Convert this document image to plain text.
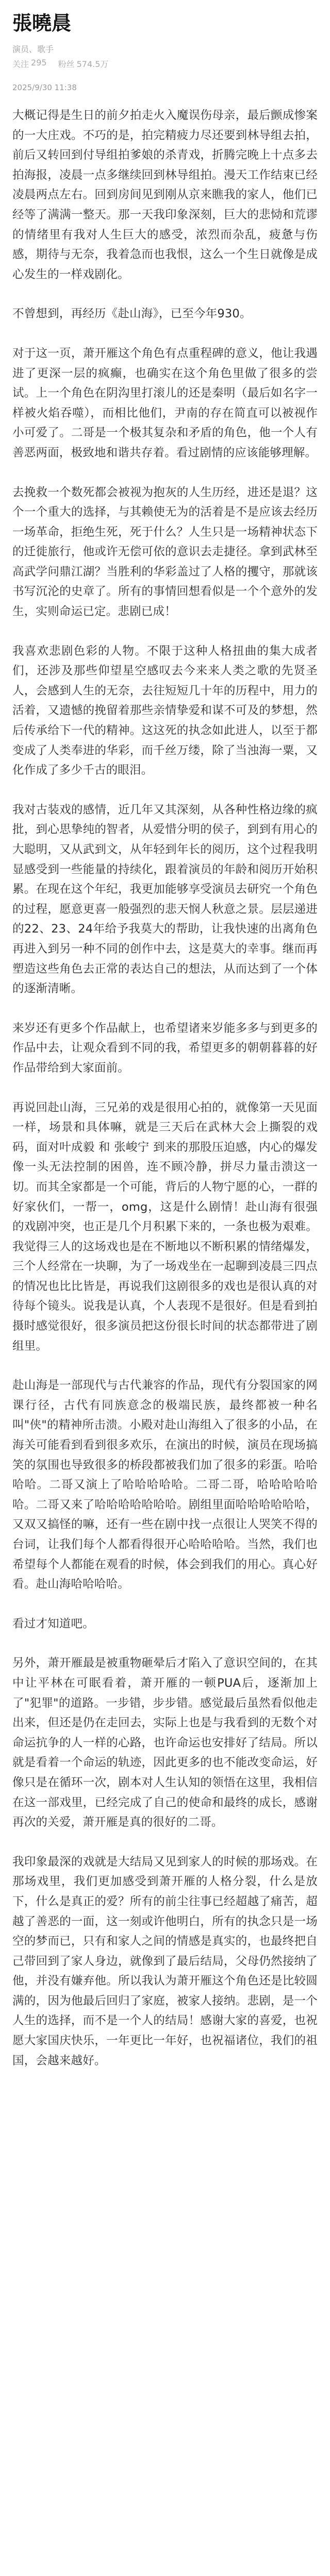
張曉晨
演员、歌手
关注 295 粉丝 574.5万
2025/9/30 11:38

大概记得是生日的前夕拍走火入魔误伤母亲，最后颤成惨案的一大庄戏。不巧的是，拍完精疲力尽还要到林导组去拍，前后又转回到付导组拍爹娘的杀青戏，折腾完晚上十点多去拍海报，凌晨一点多继续回到林导组拍。漫天工作结束已经凌晨两点左右。回到房间见到刚从京来瞧我的家人，他们已经等了满满一整天。那一天我印象深刻，巨大的悲恸和荒谬的情绪里有我对人生巨大的感受，浓烈而杂乱，疲惫与伤感，期待与无奈，我着急而也我恨，这么一个生日就像是成心发生的一样戏剧化。

不曾想到，再经历《赴山海》，已至今年930。

对于这一页，萧开雁这个角色有点重程碑的意义，他让我遇进了更深一层的疯癫，也确实在这个角色里做了很多的尝试。上一个角色在阴沟里打滚儿的还是秦明（最后如名字一样被火焰吞噬），而相比他们，尹南的存在简直可以被视作小可爱了。二哥是一个极其复杂和矛盾的角色，他一个人有善恶两面，极致地和谐共存着。看过剧情的应该能够理解。

去挽救一个数死都会被视为抱灰的人生历经，进还是退？这个一个重大的选择，与其赖使无为的活着是不是应该去经历一场革命，拒绝生死，死于什么？人生只是一场精神状态下的迁徙旅行，他或许无偿可依的意识去走捷径。拿到武林至高武学问鼎江湖？当胜利的华彩盖过了人格的攫守，那就该书写沉沦的史章了。所有的事情回想看似是一个个意外的发生，实则命运已定。悲剧已成！

我喜欢悲剧色彩的人物。不限于这种人格扭曲的集大成者们，还涉及那些仰望星空感叹去今来来人类之歌的先贤圣人，会感到人生的无奈，去往短短几十年的历程中，用力的活着，又遗憾的挽留着那些亲情挚爱和谋不可及的梦想，然后传承给下一代的精神。这这死的执念如此进人，以至于都变成了人类奉进的华彩，而千丝万缕，除了当浊海一粟，又化作成了多少千古的眼泪。

我对古装戏的感情，近几年又其深刻，从各种性格边缘的疯批，到心思挚纯的智者，从爱惜分明的侯子，到到有用心的大聪明，又从武到文，从年轻到年长的阅历，这个过程我明显感受到一些能量的持续化，跟着演员的年龄和阅历开始积累。在现在这个年纪，我更加能够享受演员去研究一个角色的过程，愿意更喜一般强烈的悲天悯人秋意之景。层层递进的22、23、24年给予我莫大的帮助，让我快速的出离角色再进入到另一种不同的创作中去，这是莫大的幸事。继而再塑造这些角色去正常的表达自己的想法，从而达到了一个体的逐渐清晰。

来岁还有更多个作品献上，也希望诸来岁能多多与到更多的作品中去，让观众看到不同的我，希望更多的朝朝暮暮的好作品带给到大家面前。

再说回赴山海，三兄弟的戏是很用心拍的，就像第一天见面一样，场景和具体嘛，就是三天后在武林大会上撕裂的戏码，面对叶成毅 和 张峻宁 到来的那股压迫感，内心的爆发像一头无法控制的困兽，连不顾冷静，拼尽力量击溃这一切。而其全家都是一个可能，背后的人物宁愿的心，一群的好家伙们，一帮一，omg，这是什么剧情！赴山海有很强的戏剧冲突，也正是几个月积累下来的，一条也极为艰难。我觉得三人的这场戏也是在不断地以不断积累的情绪爆发，三个人经常在一块聊，为了一场戏坐在一起聊到凌晨三四点的情况也比比皆是，再说我们这剧很多的戏也是很认真的对待每个镜头。说我是认真，个人表现不是很好。但是看到拍摄时感觉很好，很多演员把这份很长时间的状态都带进了剧组里。

赴山海是一部现代与古代兼容的作品，现代有分裂国家的网课行径，古代有同族意念的极端民族，最终都被一种名叫"侠"的精神所击溃。小殿对赴山海组入了很多的小品，在海关可能看到看到很多欢乐，在演出的时候，演员在现场搞笑的氛围也导致很多的桥段都被我们加了很多的彩蛋。哈哈哈哈。二哥又演上了哈哈哈哈哈。二哥二哥，哈哈哈哈哈哈。二哥又来了哈哈哈哈哈哈哈。剧组里面哈哈哈哈哈哈，又双又搞怪的嘛，还有一些在剧中找一点很让人哭笑不得的台词，让我们每个人都看得很开心哈哈哈哈。当然，我们也希望每个人都能在观看的时候，体会到我们的用心。真心好看。赴山海哈哈哈哈。

看过才知道吧。

另外，萧开雁最是被重物砸晕后才陷入了意识空间的，在其中让平林在可眠看着，萧开雁的一顿PUA后，逐渐加上了"犯罪"的道路。一步错，步步错。感觉最后虽然看似他走出来，但还是仍在走回去，实际上也是与我看到的无数个对命运抗争的人一样的心路，也许命运也安排好了结局。所以就是看着一个命运的轨迹，因此更多的也不能改变命运，好像只是在循环一次，剧本对人生认知的领悟在这里，我相信在这一部戏里，已经完成了自己的使命和最终的成长，感谢再次的关爱，萧开雁是真的很好的二哥。

我印象最深的戏就是大结局又见到家人的时候的那场戏。在那场戏里，我们更加感受到萧开雁的人格分裂，什么是放下，什么是真正的爱？所有的前尘往事已经超越了痛苦，超越了善恶的一面，这一刻或许他明白，所有的执念只是一场空的梦而已，只有和家人之间的情感是真实的，也最终把自己带回到了家人身边，就像到了最后结局，父母仍然接纳了他，并没有嫌弃他。所以我认为萧开雁这个角色还是比较圆满的，因为他最后回归了家庭，被家人接纳。悲剧，是一个人生的选择，而不是一个人的结局！感谢大家的喜爱，也祝愿大家国庆快乐，一年更比一年好，也祝福诸位，我们的祖国，会越来越好。
